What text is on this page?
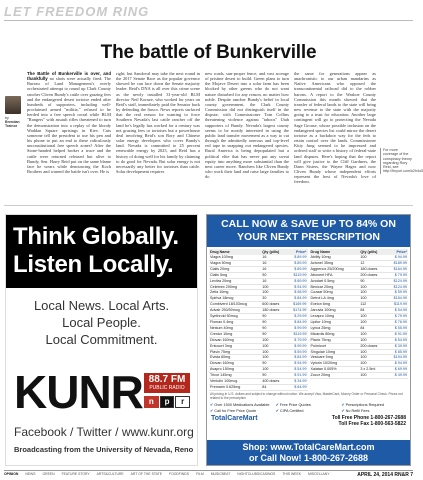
LET FREEDOM RING
The battle of Bunkerville
by
Brendan Trainor
The Battle of Bunkerville is over, and thankfully no shots were actually fired. The Bureau of Land Management's overly orchestrated attempt to round up Clark County rancher Cliven Bundy's cattle over grazing fees and the endangered desert tortoise ended after hundreds of supporters, including well-proclaimed armed "militia," refused to be herded into a free speech corral while BLM "Rangers" with assault rifles threatened to turn the demonstration into a replay of the bloody Waddan Square uprisings in Kiev. Cuts someone tell the president to use his pen and his phone to put an end to these ridiculously unconstitutional free speech zones? After the Stone-handed helped broker a truce and the cattle were returned released but alive to Bundy, Sen. Harry Reid put on the same blame face he wears while denouncing the Koch Brothers and warned the battle isn't over. He is
right; but Sandoval may take the next round in the 2017 Senate Race as the popular governor showed he can face down the Senate majority leader. Reid's DNA is all over this crime scene as the newly installed 31-year-old BLM director Neil Kornze, who worked for years on Reid's staff, immediately paid the Senator back by defending the fiasco. News reports surfaced that the real reason for wanting to force Southern Nevada's last cattle rancher off the land he's legally has worked for a century was not grazing fees or tortoises but a powerhouse deal involving Reid's son Rory and Chinese solar energy developers who cover Bundy's land. Nevada is committed to 25 percent renewable energy by 2025, and Reid has a history of doing well for his family by claiming to do good for Nevada. But solar energy is not necessarily any better for tortoises than cattle. Solar development requires
new roads, sun-proper fence, and vast acreage of pristine desert to build. Green plans to turn the Mojave Desert into a solar farm has been blocked by other greens who do not want nature disturbed for any reason, no matter how noble. Despite rancher Bundy's belief in local county government, the Clark County Commission did not distinguish itself in the dispute, with Commissioner Tom Collins threatening violence against "taboos" Utah supporters of Bundy. Nevada's largest county seems to be mostly interested in using the public land transfer movement as a way to cut through the admittedly onerous and top-level red tape in snapping out endangered species. Rural America is being depopulated but a political elite that has never put any sweat equity into anything more substantial than the next career move. Ranchers like Cliven Bundy who work their land and raise large families to do
the same for generations appear as anachronistic to our urban mandarins as Native Americans who opposed the transcontinental railroad did to the robber barons. A report to the Washoe County Commission this month showed that the transfer of federal lands to the state will bring new revenue to the state with the majority going to a trust for education. Another large contingent will go to protecting the Nevada Sage Grouse, whose possible inclusion on the endangered species list could mirror the desert tortoise as a backdoor way for the feds to retain control over the lands. Commissioner Kitty Jung seemed to be impressed and ordered staff to write a history of federal-state land disputes. Here's hoping that the report will give justice to the Cliff Gardners, the Dann Sisters, the Wayne Hages and now Cliven Bundy whose independent efforts represent the best of Nevada's love of freedom.
For more coverage of the conspiracy theory regarding Rory Reid, see http://tinyurl.com/k2h4o5
Think Globally.
Listen Locally.
Local News. Local Arts.
Local People.
Local Commitment.
KUNR 88.7 FM
PUBLIC RADIO
n	p	r
Facebook / Twitter / www.kunr.org
Broadcasting from the University of Nevada, Reno
CALL NOW & SAVE UP TO 84% ON YOUR NEXT PRESCRIPTION
Drug Name	Qty (pills)	Price*
Viagra 100mg	16	$ 89.99
Viagra 50mg	16	$ 89.99
Cialis 20mg	16	$ 89.99
Cialis 5mg	90	$119.99
Levitra 20mg	16	$ 89.99
Celebrex 200mg	100	$ 94.99
Zetia 10mg	100	$ 98.99
Spiriva 18mcg	30	$ 84.99
Combivent 18/103mcg	600 doses	$169.99
Advair 250/50mcg	180 doses	$174.99
Synthroid 50mcg	90	$ 29.99
Flomax 0.4mg	90	$ 84.99
Nexium 40mg	90	$ 99.99
Crestor 10mg	90	$119.99
Diovan 160mg	100	$ 79.99
Entocort 3mg	100	$ 99.99
Plavix 75mg	100	$ 59.99
Evista 60mg	100	$ 84.99
Diovan 160mg	90	$ 94.99
Avapro 150mg	100	$ 54.99
Tricor 145mg	90	$ 91.99
Ventolin 100mcg	400 doses	$ 34.99
Premarin 0.625mg	84	$ 64.99
Drug Name	Qty (pills)	Price*
Abilify 10mg	100	$ 94.99
Actonel 35mg	12	$189.99
Aggrenox 25/200mg	180 doses	$164.99
Atrovent HFA	200 doses	$ 79.99
Avodart 0.5mg	90	$124.99
Benicar 20mg	100	$124.99
Cozaar 50mg	100	$ 59.99
Detrol LA 4mg	100	$154.99
Exelon 6mg	112	$119.99
Januvia 100mg	84	$ 54.99
Lexapro 10mg	100	$ 79.99
Lipitor 10mg	100	$ 76.99
Lyrica 25mg	84	$ 55.99
Micardis 80mg	100	$ 91.99
Plavix 75mg	100	$ 54.99
Pulmicort	200 doses	$ 39.99
Singulair 10mg	100	$ 85.99
Vesicare 5mg	100	$194.99
Vytorin 10/20mg	100	$ 94.99
Xalatan 0.005%	3 x 2.5ml	$ 69.99
Zocor 20mg	100	$ 49.99
All pricing in U.S. dollars and subject to change without notice. We accept Visa, MasterCard, Money Order or Personal Check. Prices not related to the prescription
✔ Over 1500 Medications Available	✔ Free Price Quotes	✔ Prescriptions Required
✔ Call for Free Price Quote	✔ CIPA Certified	✔ No Refill Fees
TotalCareMart	Toll Free Phone 1-800-267-2688
Toll Free Fax 1-800-563-5822
Shop: www.TotalCareMart.com
or Call Now! 1-800-267-2688
OPINION NEWS GREEN FEATURE STORY ARTS&CULTURE ART OF THE STATE FOODFINDS FILM MUSICBEAT NIGHTCLUBS/CASINOS THIS WEEK MISCELLANY	APRIL 24, 2014 RN&R 7
